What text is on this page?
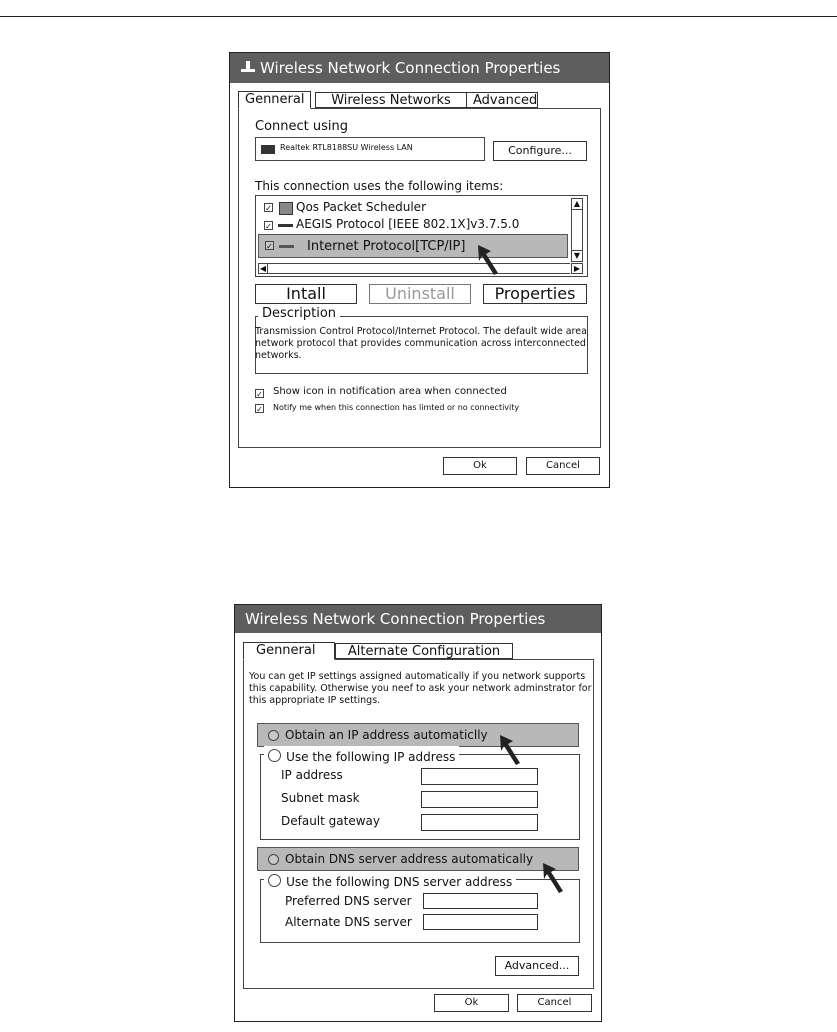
Wireless Network Connection Properties
Genneral	Wireless Networks	Advanced
Connect using
Realtek RTL8188SU Wireless LAN	Configure...
This connection uses the following items:
✓ Qos Packet Scheduler
✓ AEGIS Protocol [IEEE 802.1X]v3.7.5.0
✓	Internet Protocol[TCP/IP]
▲
▼
◀	▶
Intall	Uninstall	Properties
Transmission Control Protocol/Internet Protocol. The default wide area network protocol that provides communication across interconnected networks.
Description
✓ Show icon in notification area when connected
✓ Notify me when this connection has limted or no connectivity
Ok	Cancel
Wireless Network Connection Properties
Genneral	Alternate Configuration
You can get IP settings assigned automatically if you network supports this capability. Otherwise you neef to ask your network adminstrator for this appropriate IP settings.
Obtain an IP address automaticlly
IP address
Subnet mask
Default gateway
Use the following IP address
Obtain DNS server address automatically
Preferred DNS server
Alternate DNS server
Use the following DNS server address
Advanced...
Ok	Cancel
